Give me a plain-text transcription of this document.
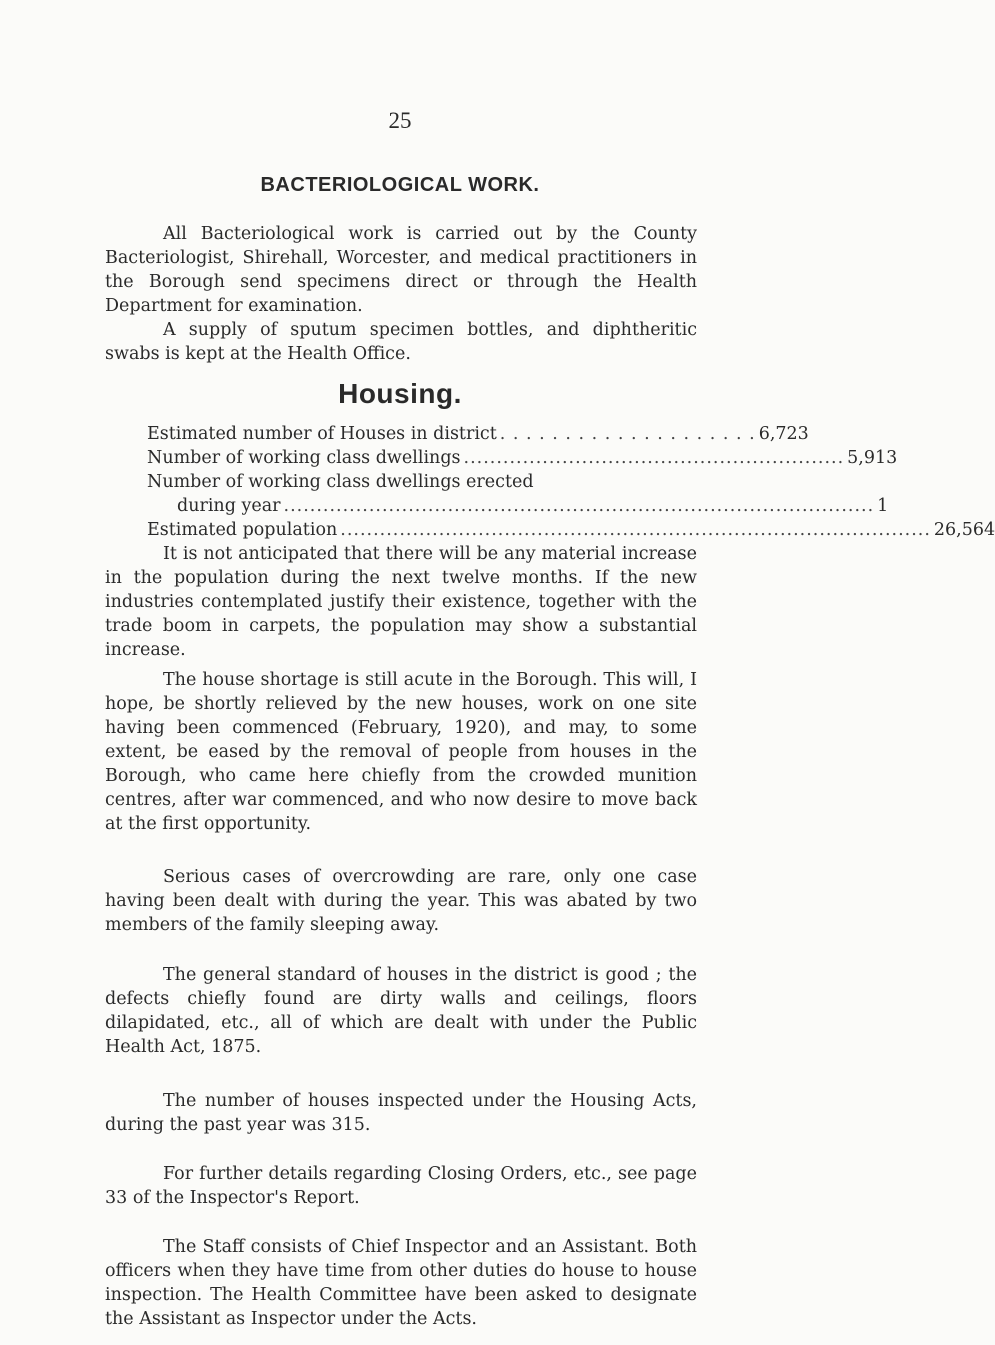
25
BACTERIOLOGICAL WORK.

All Bacteriological work is carried out by the County Bacteriologist, Shirehall, Worcester, and medical practitioners in the Borough send specimens direct or through the Health Department for examination.

A supply of sputum specimen bottles, and diphtheritic swabs is kept at the Health Office.

Housing.
Estimated number of Houses in district . . . . . . . . . . . . . . . . . . . . 6,723
Number of working class dwellings .......................................................... 5,913
Number of working class dwellings erected
during year .......................................................................................... 1
Estimated population .......................................................................................... 26,564

It is not anticipated that there will be any material increase in the population during the next twelve months. If the new industries contemplated justify their existence, together with the trade boom in carpets, the population may show a substantial increase.

The house shortage is still acute in the Borough. This will, I hope, be shortly relieved by the new houses, work on one site having been commenced (February, 1920), and may, to some extent, be eased by the removal of people from houses in the Borough, who came here chiefly from the crowded munition centres, after war commenced, and who now desire to move back at the first opportunity.

Serious cases of overcrowding are rare, only one case having been dealt with during the year. This was abated by two members of the family sleeping away.

The general standard of houses in the district is good ; the defects chiefly found are dirty walls and ceilings, floors dilapidated, etc., all of which are dealt with under the Public Health Act, 1875.

The number of houses inspected under the Housing Acts, during the past year was 315.

For further details regarding Closing Orders, etc., see page 33 of the Inspector's Report.

The Staff consists of Chief Inspector and an Assistant. Both officers when they have time from other duties do house to house inspection. The Health Committee have been asked to designate the Assistant as Inspector under the Acts.
